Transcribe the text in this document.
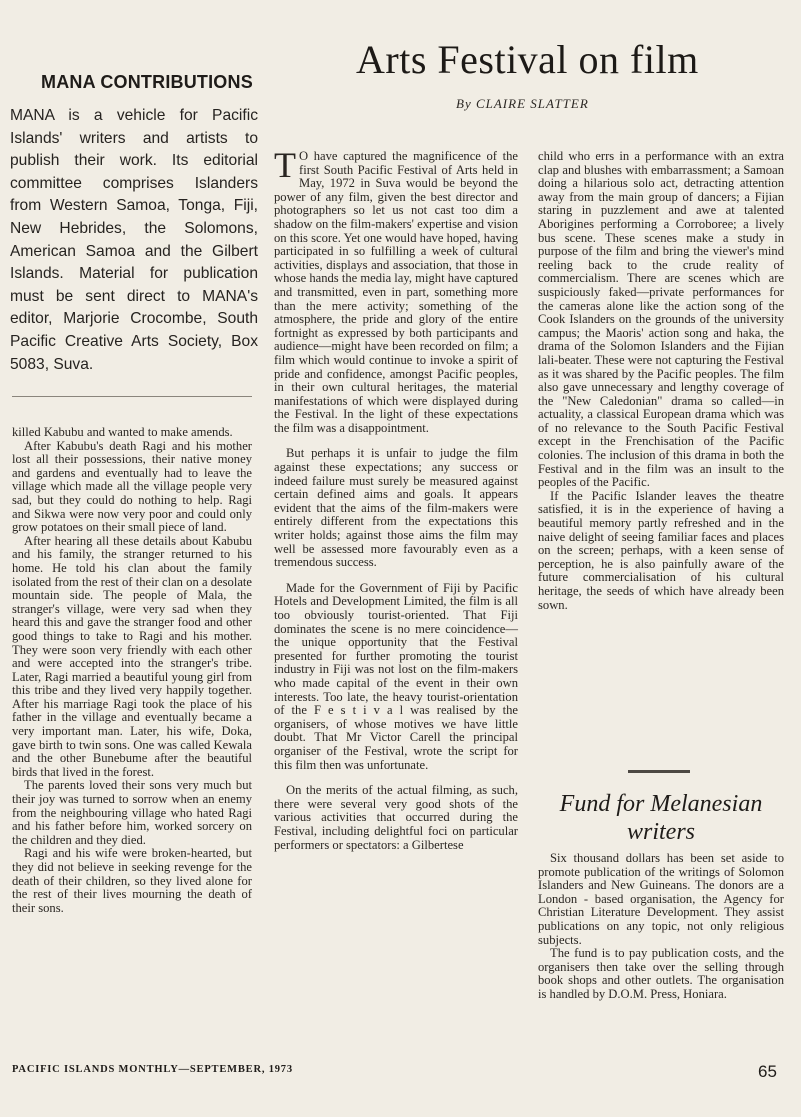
MANA CONTRIBUTIONS

MANA is a vehicle for Pacific Islands' writers and artists to publish their work. Its editorial committee comprises Islanders from Western Samoa, Tonga, Fiji, New Hebrides, the Solomons, American Samoa and the Gilbert Islands. Material for publication must be sent direct to MANA's editor, Marjorie Crocombe, South Pacific Creative Arts Society, Box 5083, Suva.

killed Kabubu and wanted to make amends.

After Kabubu's death Ragi and his mother lost all their possessions, their native money and gardens and eventually had to leave the village which made all the village people very sad, but they could do nothing to help. Ragi and Sikwa were now very poor and could only grow potatoes on their small piece of land.

After hearing all these details about Kabubu and his family, the stranger returned to his home. He told his clan about the family isolated from the rest of their clan on a desolate mountain side. The people of Mala, the stranger's village, were very sad when they heard this and gave the stranger food and other good things to take to Ragi and his mother. They were soon very friendly with each other and were accepted into the stranger's tribe. Later, Ragi married a beautiful young girl from this tribe and they lived very happily together. After his marriage Ragi took the place of his father in the village and eventually became a very important man. Later, his wife, Doka, gave birth to twin sons. One was called Kewala and the other Bunebume after the beautiful birds that lived in the forest.

The parents loved their sons very much but their joy was turned to sorrow when an enemy from the neighbouring village who hated Ragi and his father before him, worked sorcery on the children and they died.

Ragi and his wife were broken-hearted, but they did not believe in seeking revenge for the death of their children, so they lived alone for the rest of their lives mourning the death of their sons.

Arts Festival on film
By CLAIRE SLATTER

T O have captured the magnificence of the first South Pacific Festival of Arts held in May, 1972 in Suva would be beyond the power of any film, given the best director and photographers so let us not cast too dim a shadow on the film-makers' expertise and vision on this score. Yet one would have hoped, having participated in so fulfilling a week of cultural activities, displays and association, that those in whose hands the media lay, might have captured and transmitted, even in part, something more than the mere activity; something of the atmosphere, the pride and glory of the entire fortnight as expressed by both participants and audience—might have been recorded on film; a film which would continue to invoke a spirit of pride and confidence, amongst Pacific peoples, in their own cultural heritages, the material manifestations of which were displayed during the Festival. In the light of these expectations the film was a disappointment.

But perhaps it is unfair to judge the film against these expectations; any success or indeed failure must surely be measured against certain defined aims and goals. It appears evident that the aims of the film-makers were entirely different from the expectations this writer holds; against those aims the film may well be assessed more favourably even as a tremendous success.

Made for the Government of Fiji by Pacific Hotels and Development Limited, the film is all too obviously tourist-oriented. That Fiji dominates the scene is no mere coincidence—the unique opportunity that the Festival presented for further promoting the tourist industry in Fiji was not lost on the film-makers who made capital of the event in their own interests. Too late, the heavy tourist-orientation of the F e s t i v a l was realised by the organisers, of whose motives we have little doubt. That Mr Victor Carell the principal organiser of the Festival, wrote the script for this film then was unfortunate.

On the merits of the actual filming, as such, there were several very good shots of the various activities that occurred during the Festival, including delightful foci on particular performers or spectators: a Gilbertese

child who errs in a performance with an extra clap and blushes with embarrassment; a Samoan doing a hilarious solo act, detracting attention away from the main group of dancers; a Fijian staring in puzzlement and awe at talented Aborigines performing a Corroboree; a lively bus scene. These scenes make a study in purpose of the film and bring the viewer's mind reeling back to the crude reality of commercialism. There are scenes which are suspiciously faked—private performances for the cameras alone like the action song of the Cook Islanders on the grounds of the university campus; the Maoris' action song and haka, the drama of the Solomon Islanders and the Fijian lali-beater. These were not capturing the Festival as it was shared by the Pacific peoples. The film also gave unnecessary and lengthy coverage of the "New Caledonian" drama so called—in actuality, a classical European drama which was of no relevance to the South Pacific Festival except in the Frenchisation of the Pacific colonies. The inclusion of this drama in both the Festival and in the film was an insult to the peoples of the Pacific.

If the Pacific Islander leaves the theatre satisfied, it is in the experience of having a beautiful memory partly refreshed and in the naive delight of seeing familiar faces and places on the screen; perhaps, with a keen sense of perception, he is also painfully aware of the future commercialisation of his cultural heritage, the seeds of which have already been sown.

Fund for Melanesian writers

Six thousand dollars has been set aside to promote publication of the writings of Solomon Islanders and New Guineans. The donors are a London - based organisation, the Agency for Christian Literature Development. They assist publications on any topic, not only religious subjects.

The fund is to pay publication costs, and the organisers then take over the selling through book shops and other outlets. The organisation is handled by D.O.M. Press, Honiara.

PACIFIC ISLANDS MONTHLY—SEPTEMBER, 1973	65
